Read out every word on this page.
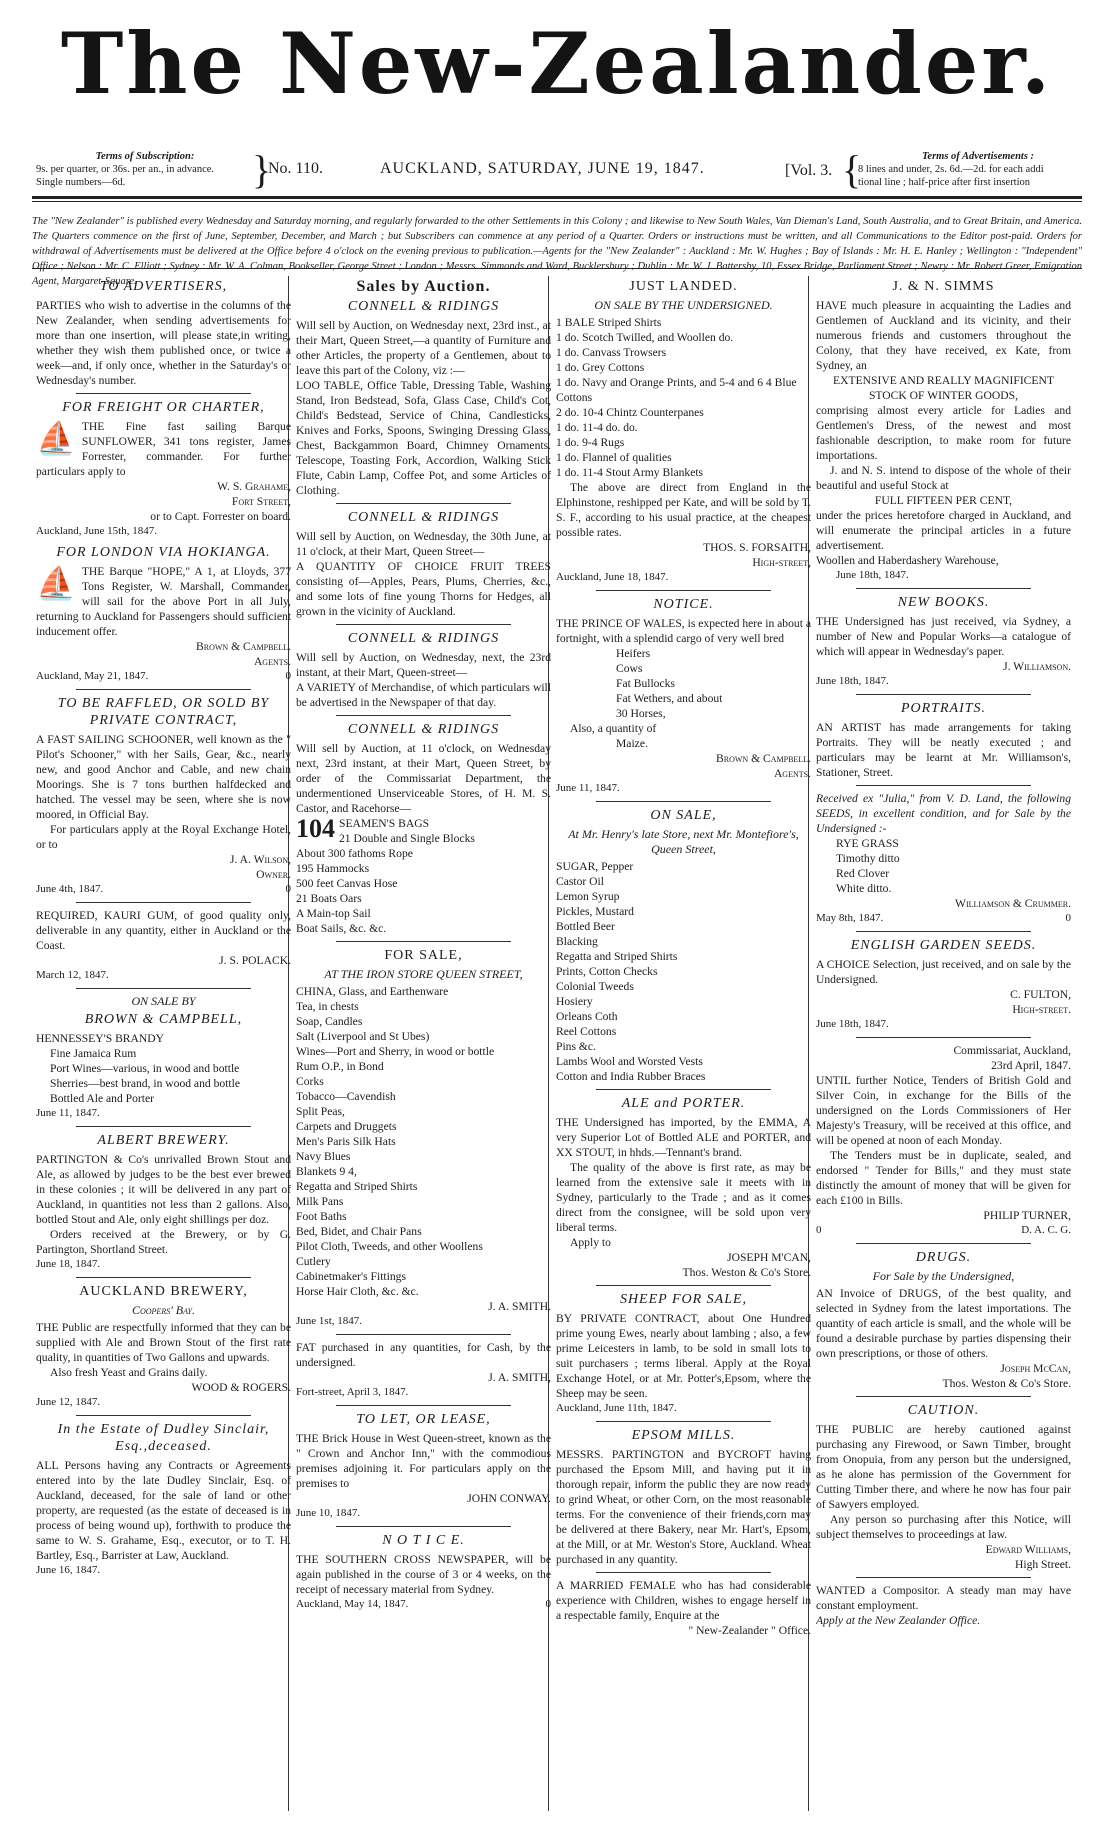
The New-Zealander.
Terms of Subscription:
9s. per quarter, or 36s. per an., in advance.
Single numbers—6d.	}
No. 110.	AUCKLAND, SATURDAY, JUNE 19, 1847.	[Vol. 3. {	Terms of Advertisements :
8 lines and under, 2s. 6d.—2d. for each addi
tional line ; half-price after first insertion
The "New Zealander" is published every Wednesday and Saturday morning, and regularly forwarded to the other Settlements in this Colony ; and likewise to New South Wales, Van Dieman's Land, South Australia, and to Great Britain, and America. The Quarters commence on the first of June, September, December, and March ; but Subscribers can commence at any period of a Quarter. Orders or instructions must be written, and all Communications to the Editor post-paid. Orders for withdrawal of Advertisements must be delivered at the Office before 4 o'clock on the evening previous to publication.—Agents for the "New Zealander" : Auckland : Mr. W. Hughes ; Bay of Islands : Mr. H. E. Hanley ; Wellington : "Independent" Office ; Nelson : Mr. C. Elliott ; Sydney : Mr. W. A. Colman, Bookseller, George Street ; London ; Messrs. Simmonds and Ward, Bucklersbury ; Dublin : Mr. W. J. Battersby, 10, Essex Bridge, Parliament Street ; Newry : Mr. Robert Greer, Emigration Agent, Margaret-Square.
TO ADVERTISERS,

PARTIES who wish to advertise in the columns of the New Zealander, when sending advertisements for more than one insertion, will please state,in writing, whether they wish them published once, or twice a week—and, if only once, whether in the Saturday's or Wednesday's number.

FOR FREIGHT OR CHARTER,
⛵ THE Fine fast sailing Barque SUNFLOWER, 341 tons register, James Forrester, commander. For further particulars apply to

W. S. Grahame,
Fort Street,
or to Capt. Forrester on board.
Auckland, June 15th, 1847.
FOR LONDON VIA HOKIANGA.
⛵ THE Barque "HOPE," A 1, at Lloyds, 377 Tons Register, W. Marshall, Commander, will sail for the above Port in all July, returning to Auckland for Passengers should sufficient inducement offer.

Brown & Campbell.
Agents.
Auckland, May 21, 1847.	0
TO BE RAFFLED, OR SOLD BY PRIVATE CONTRACT,

A FAST SAILING SCHOONER, well known as the " Pilot's Schooner," with her Sails, Gear, &c., nearly new, and good Anchor and Cable, and new chain Moorings. She is 7 tons burthen halfdecked and hatched. The vessel may be seen, where she is now moored, in Official Bay.

For particulars apply at the Royal Exchange Hotel, or to

J. A. Wilson,
Owner.
June 4th, 1847.	0

REQUIRED, KAURI GUM, of good quality only, deliverable in any quantity, either in Auckland or the Coast.

J. S. POLACK.
March 12, 1847.
ON SALE BY
BROWN & CAMPBELL,
HENNESSEY'S BRANDY
Fine Jamaica Rum
Port Wines—various, in wood and bottle
Sherries—best brand, in wood and bottle
Bottled Ale and Porter
June 11, 1847.
ALBERT BREWERY.

PARTINGTON & Co's unrivalled Brown Stout and Ale, as allowed by judges to be the best ever brewed in these colonies ; it will be delivered in any part of Auckland, in quantities not less than 2 gallons. Also, bottled Stout and Ale, only eight shillings per doz.

Orders received at the Brewery, or by G. Partington, Shortland Street.

June 18, 1847.
AUCKLAND BREWERY,
Coopers' Bay.

THE Public are respectfully informed that they can be supplied with Ale and Brown Stout of the first rate quality, in quantities of Two Gallons and upwards.

Also fresh Yeast and Grains daily.

WOOD & ROGERS.
June 12, 1847.
In the Estate of Dudley Sinclair, Esq.,deceased.

ALL Persons having any Contracts or Agreements entered into by the late Dudley Sinclair, Esq. of Auckland, deceased, for the sale of land or other property, are requested (as the estate of deceased is in process of being wound up), forthwith to produce the same to W. S. Grahame, Esq., executor, or to T. H. Bartley, Esq., Barrister at Law, Auckland.

June 16, 1847.
Sales by Auction.
CONNELL & RIDINGS

Will sell by Auction, on Wednesday next, 23rd inst., at their Mart, Queen Street,—a quantity of Furniture and other Articles, the property of a Gentlemen, about to leave this part of the Colony, viz :—

LOO TABLE, Office Table, Dressing Table, Washing Stand, Iron Bedstead, Sofa, Glass Case, Child's Cot, Child's Bedstead, Service of China, Candlesticks, Knives and Forks, Spoons, Swinging Dressing Glass, Chest, Backgammon Board, Chimney Ornaments. Telescope, Toasting Fork, Accordion, Walking Stick Flute, Cabin Lamp, Coffee Pot, and some Articles of Clothing.

CONNELL & RIDINGS

Will sell by Auction, on Wednesday, the 30th June, at 11 o'clock, at their Mart, Queen Street—

A QUANTITY OF CHOICE FRUIT TREES consisting of—Apples, Pears, Plums, Cherries, &c., and some lots of fine young Thorns for Hedges, all grown in the vicinity of Auckland.

CONNELL & RIDINGS

Will sell by Auction, on Wednesday, next, the 23rd instant, at their Mart, Queen-street—

A VARIETY of Merchandise, of which particulars will be advertised in the Newspaper of that day.

CONNELL & RIDINGS

Will sell by Auction, at 11 o'clock, on Wednesday next, 23rd instant, at their Mart, Queen Street, by order of the Commissariat Department, the undermentioned Unserviceable Stores, of H. M. S. Castor, and Racehorse—

104 SEAMEN'S BAGS
21 Double and Single Blocks
About 300 fathoms Rope
195 Hammocks
500 feet Canvas Hose
21 Boats Oars
A Main-top Sail
Boat Sails, &c. &c.
FOR SALE,
AT THE IRON STORE QUEEN STREET,
CHINA, Glass, and Earthenware
Tea, in chests
Soap, Candles
Salt (Liverpool and St Ubes)
Wines—Port and Sherry, in wood or bottle
Rum O.P., in Bond
Corks
Tobacco—Cavendish
Split Peas,
Carpets and Druggets
Men's Paris Silk Hats
Navy Blues
Blankets 9 4,
Regatta and Striped Shirts
Milk Pans
Foot Baths
Bed, Bidet, and Chair Pans
Pilot Cloth, Tweeds, and other Woollens
Cutlery
Cabinetmaker's Fittings
Horse Hair Cloth, &c. &c.
J. A. SMITH.
June 1st, 1847.

FAT purchased in any quantities, for Cash, by the undersigned.

J. A. SMITH,
Fort-street, April 3, 1847.
TO LET, OR LEASE,

THE Brick House in West Queen-street, known as the " Crown and Anchor Inn," with the commodious premises adjoining it. For particulars apply on the premises to

JOHN CONWAY.
June 10, 1847.
N O T I C E.

THE SOUTHERN CROSS NEWSPAPER, will be again published in the course of 3 or 4 weeks, on the receipt of necessary material from Sydney.

Auckland, May 14, 1847.	0
JUST LANDED.
ON SALE BY THE UNDERSIGNED.
1 BALE Striped Shirts
1 do. Scotch Twilled, and Woollen do.
1 do. Canvass Trowsers
1 do. Grey Cottons
1 do. Navy and Orange Prints, and 5-4 and 6 4 Blue Cottons
2 do. 10-4 Chintz Counterpanes
1 do. 11-4 do. do.
1 do. 9-4 Rugs
1 do. Flannel of qualities
1 do. 11-4 Stout Army Blankets

The above are direct from England in the Elphinstone, reshipped per Kate, and will be sold by T. S. F., according to his usual practice, at the cheapest possible rates.

THOS. S. FORSAITH,
High-street,
Auckland, June 18, 1847.
NOTICE.

THE PRINCE OF WALES, is expected here in about a fortnight, with a splendid cargo of very well bred

Heifers
Cows
Fat Bullocks
Fat Wethers, and about
30 Horses,

Also, a quantity of

Maize.
Brown & Campbell.
Agents.
June 11, 1847.
ON SALE,
At Mr. Henry's late Store, next Mr. Montefiore's, Queen Street,
SUGAR, Pepper
Castor Oil
Lemon Syrup
Pickles, Mustard
Bottled Beer
Blacking
Regatta and Striped Shirts
Prints, Cotton Checks
Colonial Tweeds
Hosiery
Orleans Coth
Reel Cottons
Pins &c.
Lambs Wool and Worsted Vests
Cotton and India Rubber Braces
ALE and PORTER.

THE Undersigned has imported, by the EMMA, A very Superior Lot of Bottled ALE and PORTER, and XX STOUT, in hhds.—Tennant's brand.

The quality of the above is first rate, as may be learned from the extensive sale it meets with in Sydney, particularly to the Trade ; and as it comes direct from the consignee, will be sold upon very liberal terms.

Apply to

JOSEPH M'CAN,
Thos. Weston & Co's Store.
SHEEP FOR SALE,

BY PRIVATE CONTRACT, about One Hundred prime young Ewes, nearly about lambing ; also, a few prime Leicesters in lamb, to be sold in small lots to suit purchasers ; terms liberal. Apply at the Royal Exchange Hotel, or at Mr. Potter's,Epsom, where the Sheep may be seen.

Auckland, June 11th, 1847.
EPSOM MILLS.

MESSRS. PARTINGTON and BYCROFT having purchased the Epsom Mill, and having put it in thorough repair, inform the public they are now ready to grind Wheat, or other Corn, on the most reasonable terms. For the convenience of their friends,corn may be delivered at there Bakery, near Mr. Hart's, Epsom, at the Mill, or at Mr. Weston's Store, Auckland. Wheat purchased in any quantity.

A MARRIED FEMALE who has had considerable experience with Children, wishes to engage herself in a respectable family, Enquire at the

" New-Zealander " Office.
J. & N. SIMMS

HAVE much pleasure in acquainting the Ladies and Gentlemen of Auckland and its vicinity, and their numerous friends and customers throughout the Colony, that they have received, ex Kate, from Sydney, an

EXTENSIVE AND REALLY MAGNIFICENT STOCK OF WINTER GOODS,

comprising almost every article for Ladies and Gentlemen's Dress, of the newest and most fashionable description, to make room for future importations.

J. and N. S. intend to dispose of the whole of their beautiful and useful Stock at

FULL FIFTEEN PER CENT,

under the prices heretofore charged in Auckland, and will enumerate the principal articles in a future advertisement.

Woollen and Haberdashery Warehouse,
June 18th, 1847.
NEW BOOKS.

THE Undersigned has just received, via Sydney, a number of New and Popular Works—a catalogue of which will appear in Wednesday's paper.

J. Williamson.
June 18th, 1847.
PORTRAITS.

AN ARTIST has made arrangements for taking Portraits. They will be neatly executed ; and particulars may be learnt at Mr. Williamson's, Stationer, Street.

Received ex "Julia," from V. D. Land, the following SEEDS, in excellent condition, and for Sale by the Undersigned :-

RYE GRASS
Timothy ditto
Red Clover
White ditto.
Williamson & Crummer.
May 8th, 1847.	0
ENGLISH GARDEN SEEDS.

A CHOICE Selection, just received, and on sale by the Undersigned.

C. FULTON,
High-street.
June 18th, 1847.
Commissariat, Auckland,
23rd April, 1847.

UNTIL further Notice, Tenders of British Gold and Silver Coin, in exchange for the Bills of the undersigned on the Lords Commissioners of Her Majesty's Treasury, will be received at this office, and will be opened at noon of each Monday.

The Tenders must be in duplicate, sealed, and endorsed " Tender for Bills," and they must state distinctly the amount of money that will be given for each £100 in Bills.

PHILIP TURNER,
0	D. A. C. G.
DRUGS.
For Sale by the Undersigned,

AN Invoice of DRUGS, of the best quality, and selected in Sydney from the latest importations. The quantity of each article is small, and the whole will be found a desirable purchase by parties dispensing their own prescriptions, or those of others.

Joseph McCan,
Thos. Weston & Co's Store.
CAUTION.

THE PUBLIC are hereby cautioned against purchasing any Firewood, or Sawn Timber, brought from Onopuia, from any person but the undersigned, as he alone has permission of the Government for Cutting Timber there, and where he now has four pair of Sawyers employed.

Any person so purchasing after this Notice, will subject themselves to proceedings at law.

Edward Williams,
High Street.

WANTED a Compositor. A steady man may have constant employment.

Apply at the New Zealander Office.
